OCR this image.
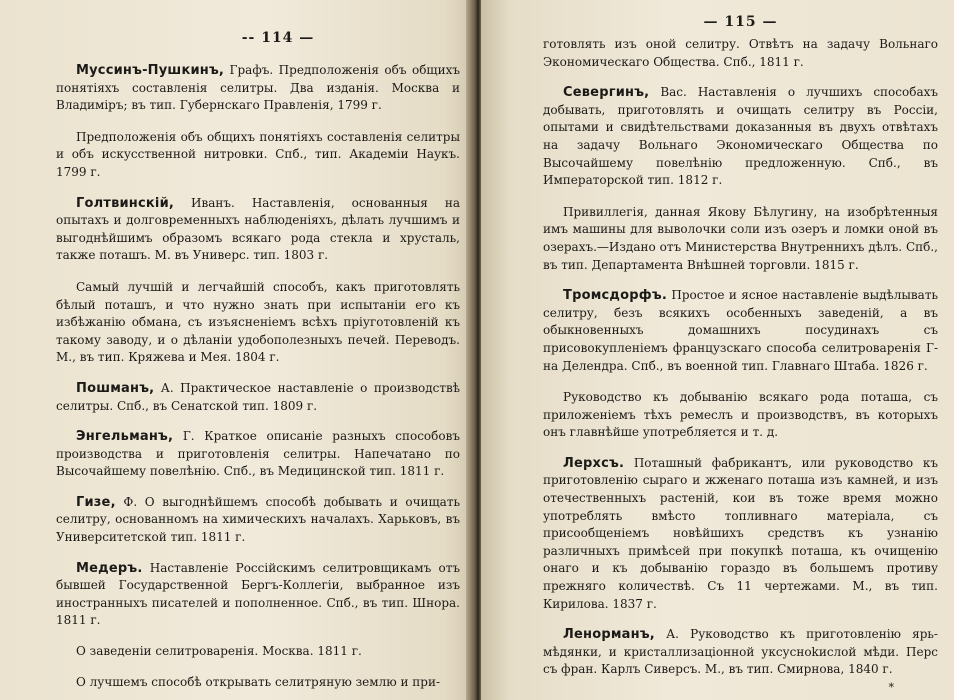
-- 114 —

Муссинъ-Пушкинъ, Графъ. Предположенія объ общихъ понятіяхъ составленія селитры. Два изданія. Москва и Владиміръ; въ тип. Губернскаго Правленія, 1799 г.

Предположенія объ общихъ понятіяхъ составленія селитры и объ искусственной нитровки. Спб., тип. Академіи Наукъ. 1799 г.

Голтвинскій, Иванъ. Наставленія, основанныя на опытахъ и долговременныхъ наблюденіяхъ, дѣлать лучшимъ и выгоднѣйшимъ образомъ всякаго рода стекла и хрусталь, также поташъ. М. въ Универс. тип. 1803 г.

Самый лучшій и легчайшій способъ, какъ приготовлять бѣлый поташъ, и что нужно знать при испытаніи его къ избѣжанію обмана, съ изъясненіемъ всѣхъ пріуготовленій къ такому заводу, и о дѣланіи удобополезныхъ печей. Переводъ. М., въ тип. Кряжева и Мея. 1804 г.

Пошманъ, А. Практическое наставленіе о производствѣ селитры. Спб., въ Сенатской тип. 1809 г.

Энгельманъ, Г. Краткое описаніе разныхъ способовъ производства и приготовленія селитры. Напечатано по Высочайшему повелѣнію. Спб., въ Медицинской тип. 1811 г.

Гизе, Ф. О выгоднѣйшемъ способѣ добывать и очищать селитру, основанномъ на химическихъ началахъ. Харьковъ, въ Университетской тип. 1811 г.

Медеръ. Наставленіе Россійскимъ селитровщикамъ отъ бывшей Государственной Бергъ-Коллегіи, выбранное изъ иностранныхъ писателей и пополненное. Спб., въ тип. Шнора. 1811 г.

О заведеніи селитроваренія. Москва. 1811 г.

О лучшемъ способѣ открывать селитряную землю и при-

— 115 —

готовлять изъ оной селитру. Отвѣтъ на задачу Вольнаго Экономическаго Общества. Спб., 1811 г.

Севергинъ, Вас. Наставленія о лучшихъ способахъ добывать, приготовлять и очищать селитру въ Россіи, опытами и свидѣтельствами доказанныя въ двухъ отвѣтахъ на задачу Вольнаго Экономическаго Общества по Высочайшему повелѣнію предложенную. Спб., въ Императорской тип. 1812 г.

Привиллегія, данная Якову Бѣлугину, на изобрѣтенныя имъ машины для выволочки соли изъ озеръ и ломки оной въ озерахъ.—Издано отъ Министерства Внутреннихъ дѣлъ. Спб., въ тип. Департамента Внѣшней торговли. 1815 г.

Тромсдорфъ. Простое и ясное наставленіе выдѣлывать селитру, безъ всякихъ особенныхъ заведеній, а въ обыкновенныхъ домашнихъ посудинахъ съ присовокупленіемъ французскаго способа селитроваренія Г-на Делендра. Спб., въ военной тип. Главнаго Штаба. 1826 г.

Руководство къ добыванію всякаго рода поташа, съ приложеніемъ тѣхъ ремеслъ и производствъ, въ которыхъ онъ главнѣйше употребляется и т. д.

Лерхсъ. Поташный фабрикантъ, или руководство къ приготовленію сыраго и жженаго поташа изъ камней, и изъ отечественныхъ растеній, кои въ тоже время можно употреблять вмѣсто топливнаго матеріала, съ присообщеніемъ новѣйшихъ средствъ къ узнанію различныхъ примѣсей при покупкѣ поташа, къ очищенію онаго и къ добыванію гораздо въ большемъ противу прежняго количествѣ. Съ 11 чертежами. М., въ тип. Кирилова. 1837 г.

Ленорманъ, А. Руководство къ приготовленію ярь-мѣдянки, и кристаллизаціонной уксусноkислой мѣди. Перс съ фран. Карлъ Сиверсъ. М., въ тип. Смирнова, 1840 г.

*
